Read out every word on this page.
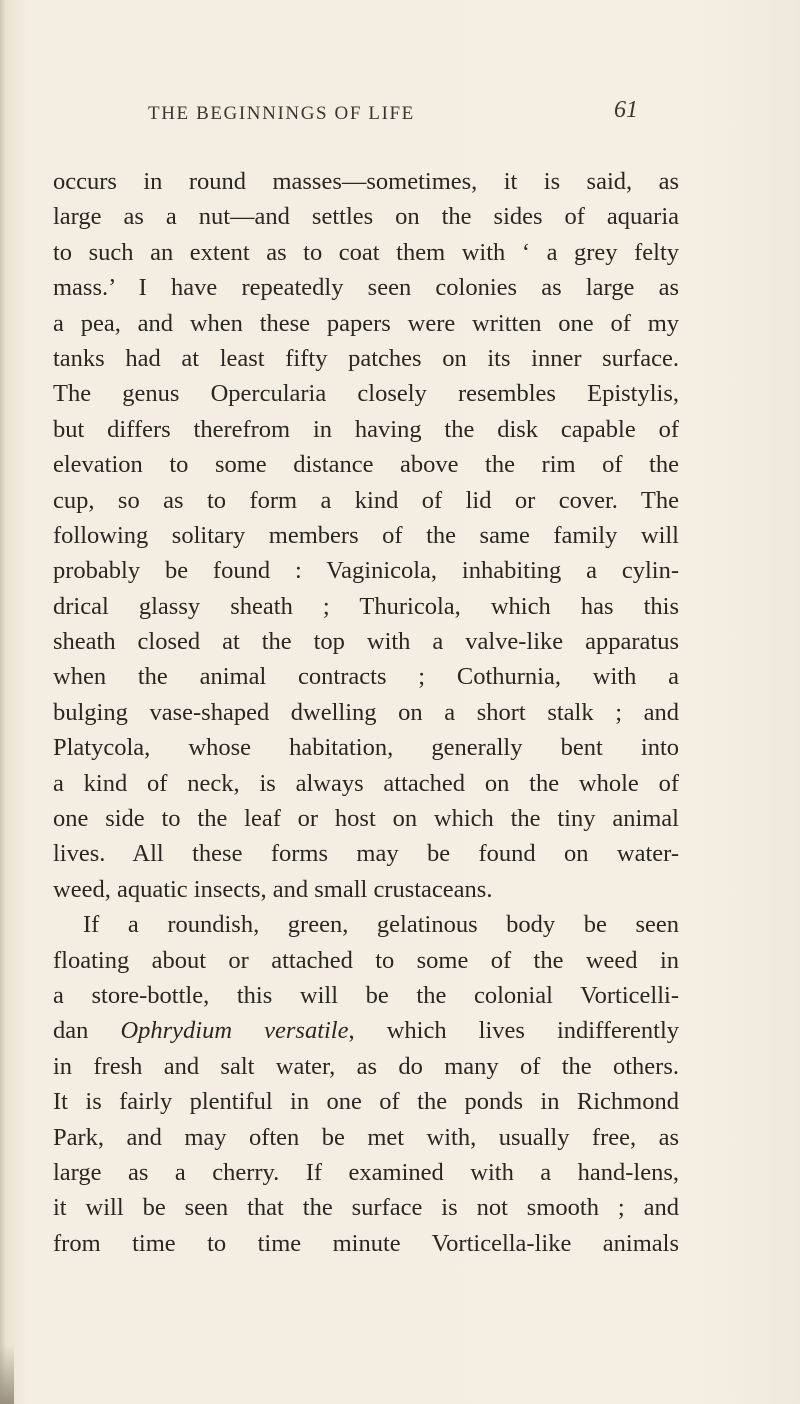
THE BEGINNINGS OF LIFE	61
occurs in round masses—sometimes, it is said, as
large as a nut—and settles on the sides of aquaria
to such an extent as to coat them with ‘ a grey felty
mass.’ I have repeatedly seen colonies as large as
a pea, and when these papers were written one of my
tanks had at least fifty patches on its inner surface.
The genus Opercularia closely resembles Epistylis,
but differs therefrom in having the disk capable of
elevation to some distance above the rim of the
cup, so as to form a kind of lid or cover. The
following solitary members of the same family will
probably be found : Vaginicola, inhabiting a cylin-
drical glassy sheath ; Thuricola, which has this
sheath closed at the top with a valve-like apparatus
when the animal contracts ; Cothurnia, with a
bulging vase-shaped dwelling on a short stalk ; and
Platycola, whose habitation, generally bent into
a kind of neck, is always attached on the whole of
one side to the leaf or host on which the tiny animal
lives. All these forms may be found on water-
weed, aquatic insects, and small crustaceans.
If a roundish, green, gelatinous body be seen
floating about or attached to some of the weed in
a store-bottle, this will be the colonial Vorticelli-
dan Ophrydium versatile, which lives indifferently
in fresh and salt water, as do many of the others.
It is fairly plentiful in one of the ponds in Richmond
Park, and may often be met with, usually free, as
large as a cherry. If examined with a hand-lens,
it will be seen that the surface is not smooth ; and
from time to time minute Vorticella-like animals
